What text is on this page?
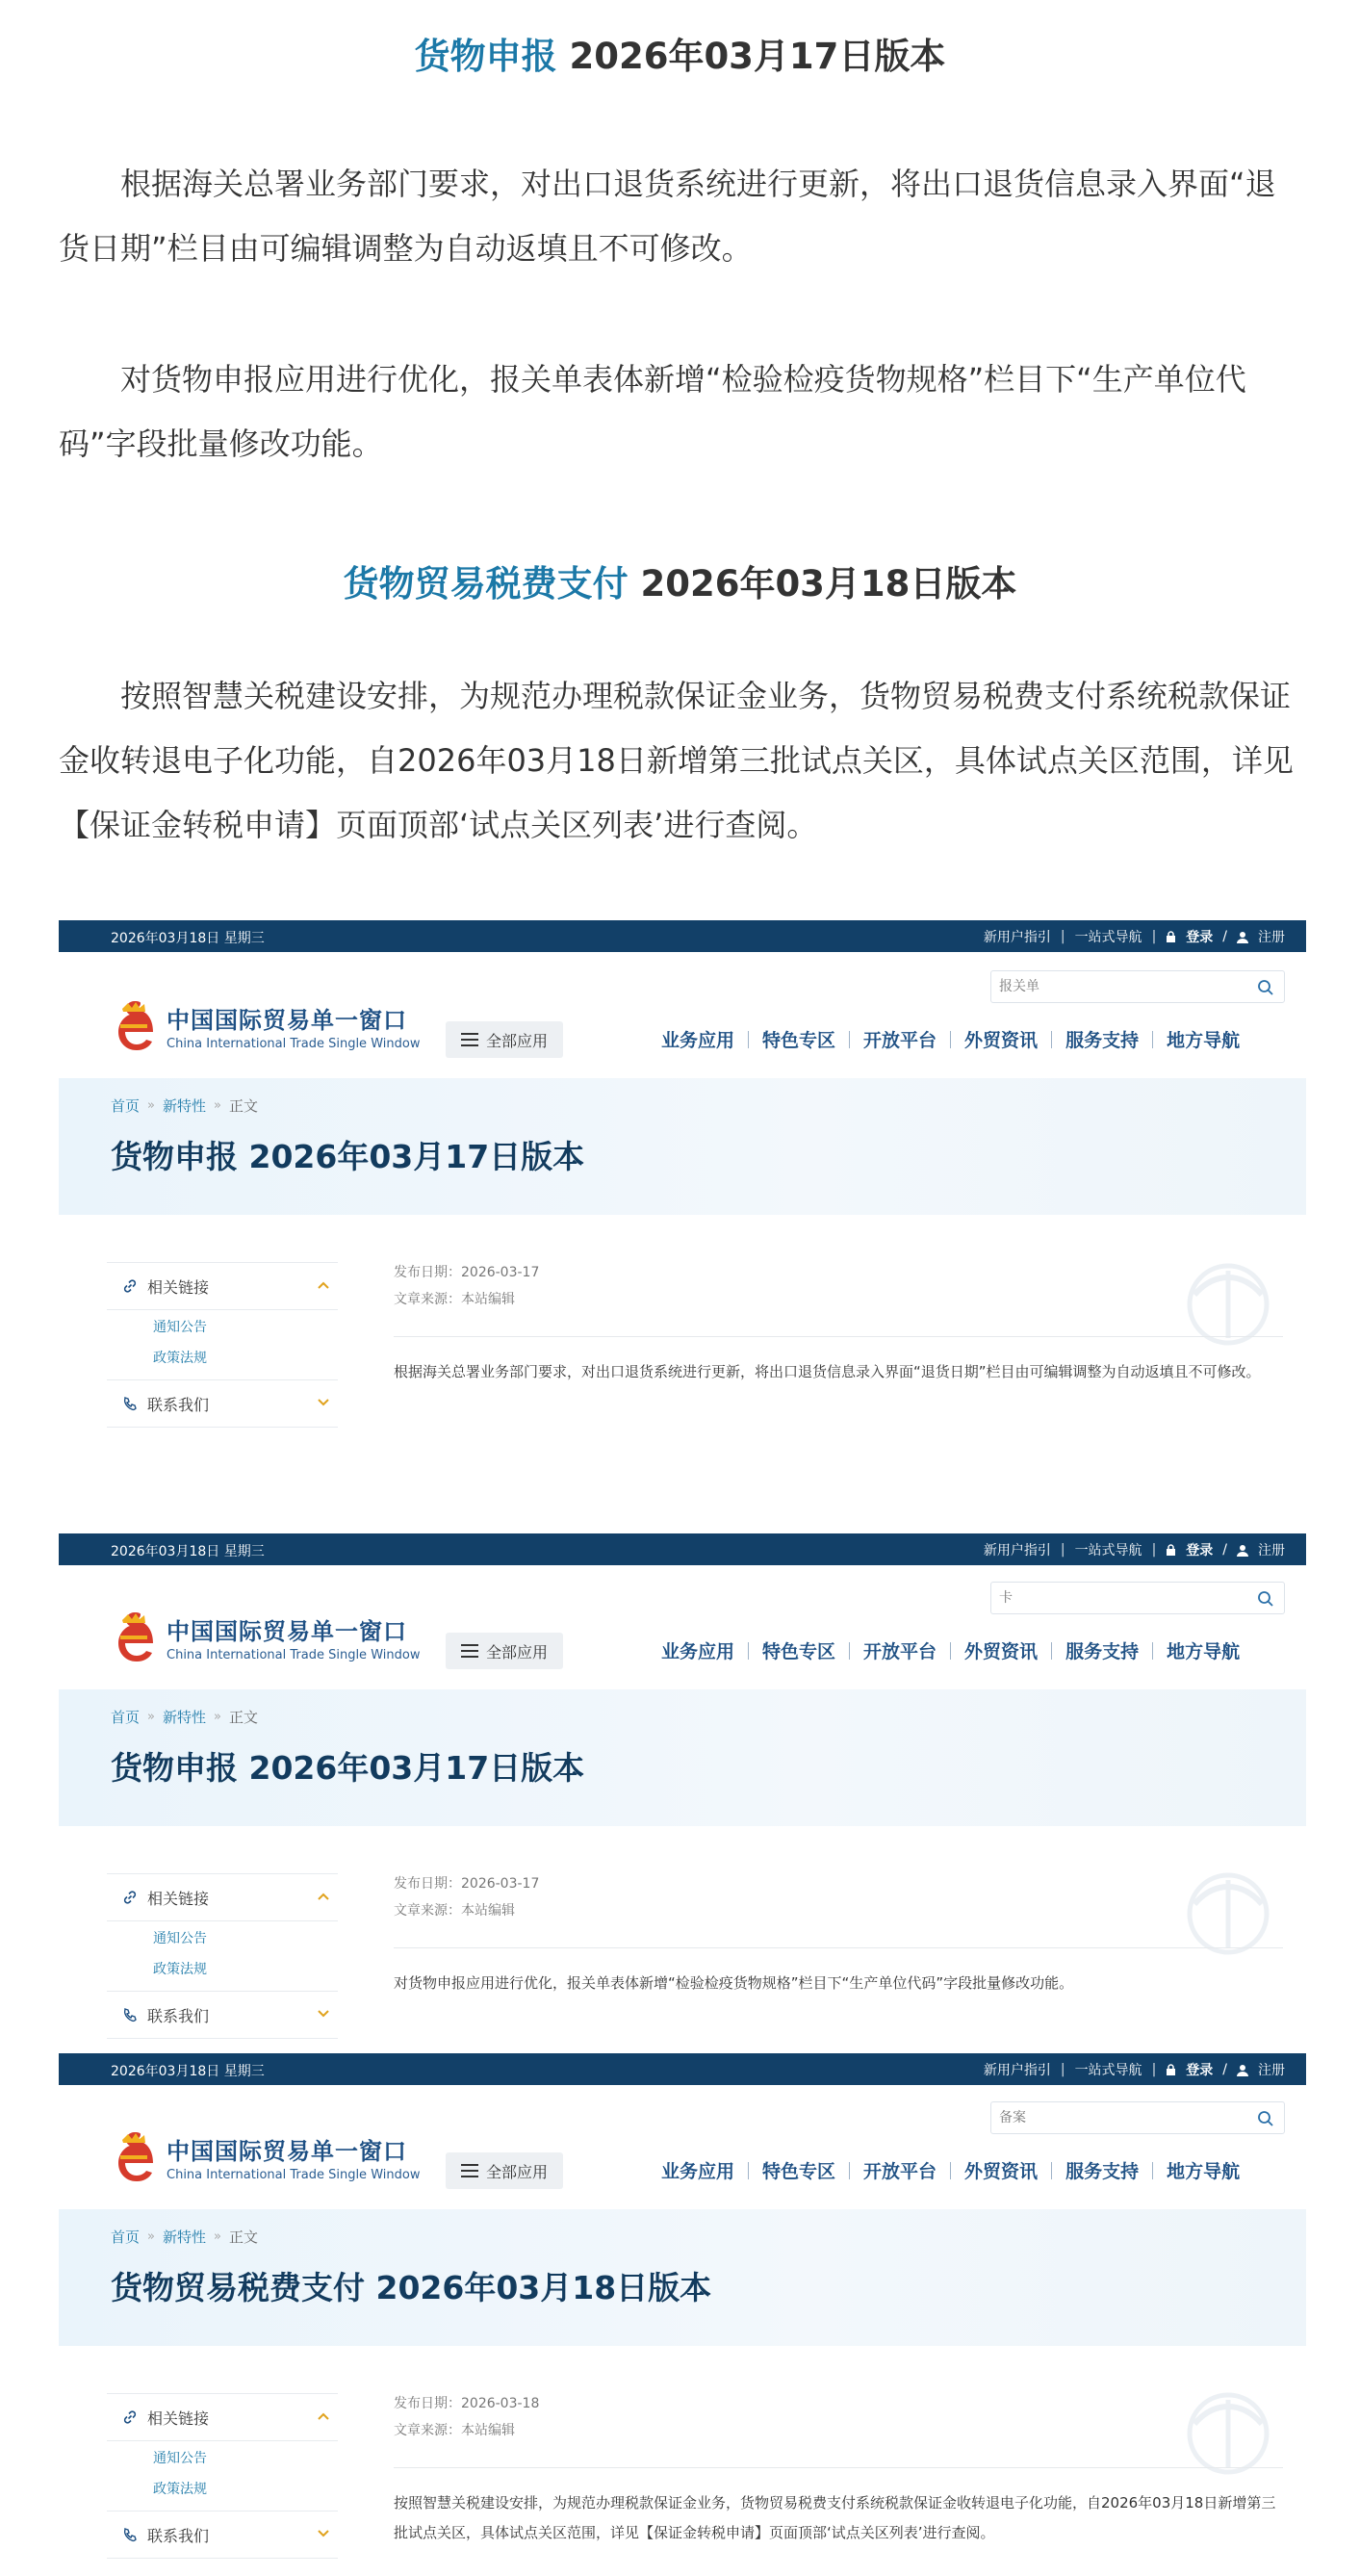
货物申报 2026年03月17日版本
根据海关总署业务部门要求，对出口退货系统进行更新，将出口退货信息录入界面“退货日期”栏目由可编辑调整为自动返填且不可修改。
对货物申报应用进行优化，报关单表体新增“检验检疫货物规格”栏目下“生产单位代码”字段批量修改功能。
货物贸易税费支付 2026年03月18日版本
按照智慧关税建设安排，为规范办理税款保证金业务，货物贸易税费支付系统税款保证金收转退电子化功能，自2026年03月18日新增第三批试点关区，具体试点关区范围，详见【保证金转税申请】页面顶部‘试点关区列表’进行查阅。
2026年03月18日 星期三	新用户指引 | 一站式导航 | 登录 / 注册
报关单
中国国际贸易单一窗口
China International Trade Single Window	全部应用	业务应用	特色专区	开放平台	外贸资讯	服务支持	地方导航
首页 » 新特性 » 正文
货物申报 2026年03月17日版本
相关链接
通知公告
政策法规
联系我们
发布日期：2026-03-17
文章来源：本站编辑
根据海关总署业务部门要求，对出口退货系统进行更新，将出口退货信息录入界面“退货日期”栏目由可编辑调整为自动返填且不可修改。
2026年03月18日 星期三	新用户指引 | 一站式导航 | 登录 / 注册
卡
中国国际贸易单一窗口
China International Trade Single Window	全部应用	业务应用	特色专区	开放平台	外贸资讯	服务支持	地方导航
首页 » 新特性 » 正文
货物申报 2026年03月17日版本
相关链接
通知公告
政策法规
联系我们
发布日期：2026-03-17
文章来源：本站编辑
对货物申报应用进行优化，报关单表体新增“检验检疫货物规格”栏目下“生产单位代码”字段批量修改功能。
2026年03月18日 星期三	新用户指引 | 一站式导航 | 登录 / 注册
备案
中国国际贸易单一窗口
China International Trade Single Window	全部应用	业务应用	特色专区	开放平台	外贸资讯	服务支持	地方导航
首页 » 新特性 » 正文
货物贸易税费支付 2026年03月18日版本
相关链接
通知公告
政策法规
联系我们
发布日期：2026-03-18
文章来源：本站编辑
按照智慧关税建设安排，为规范办理税款保证金业务，货物贸易税费支付系统税款保证金收转退电子化功能，自2026年03月18日新增第三批试点关区，具体试点关区范围，详见【保证金转税申请】页面顶部‘试点关区列表’进行查阅。
